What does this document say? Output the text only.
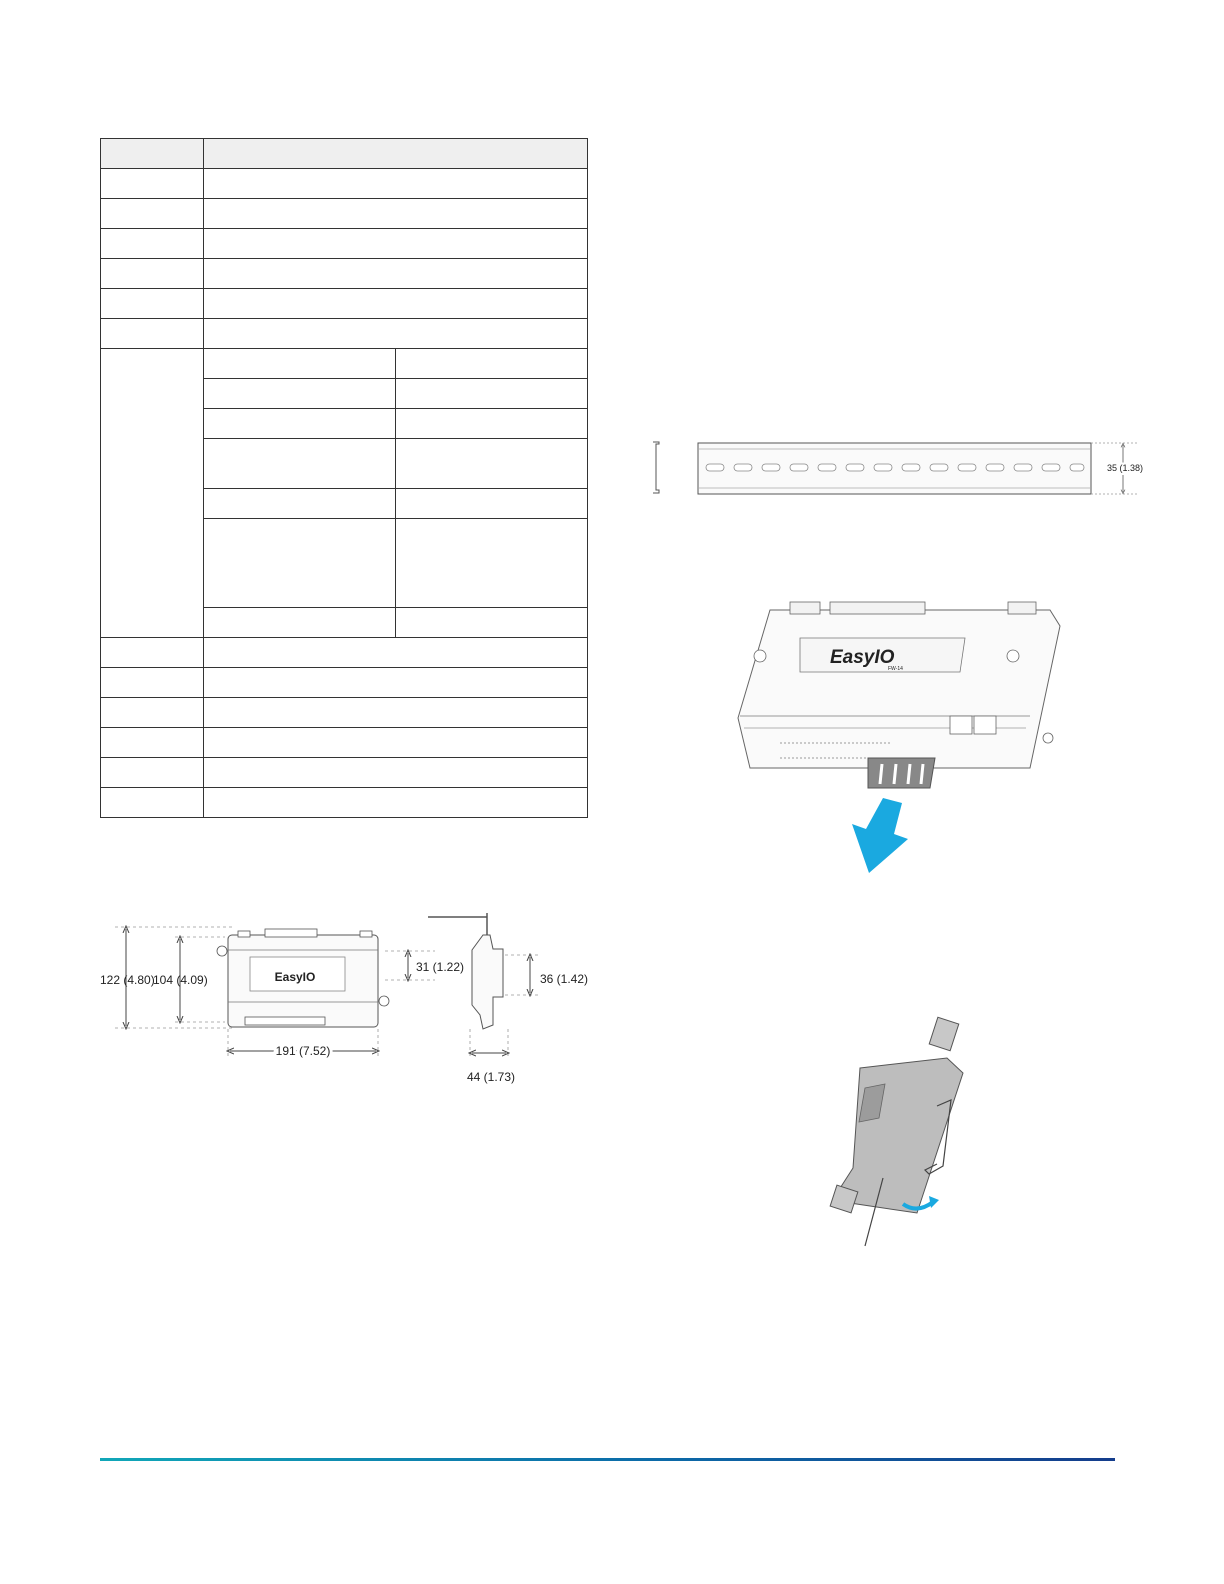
EasyIO
122 (4.80)
104 (4.09)
191 (7.52)
31 (1.22)
36 (1.42)
44 (1.73)
35 (1.38)
EasyIO
FW-14
